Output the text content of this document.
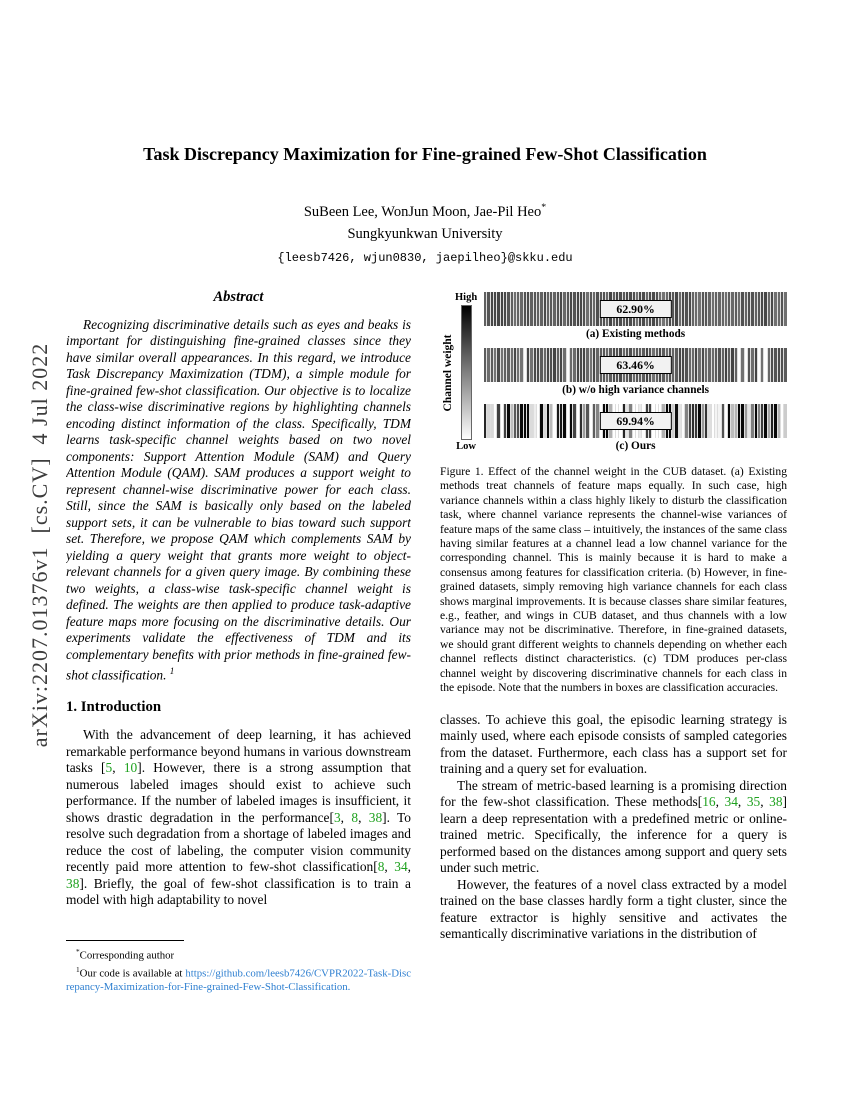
arXiv:2207.01376v1  [cs.CV]  4 Jul 2022
Task Discrepancy Maximization for Fine-grained Few-Shot Classification
SuBeen Lee, WonJun Moon, Jae-Pil Heo*
Sungkyunkwan University
{leesb7426, wjun0830, jaepilheo}@skku.edu
Abstract

Recognizing discriminative details such as eyes and beaks is important for distinguishing fine-grained classes since they have similar overall appearances. In this regard, we introduce Task Discrepancy Maximization (TDM), a simple module for fine-grained few-shot classification. Our objective is to localize the class-wise discriminative regions by highlighting channels encoding distinct information of the class. Specifically, TDM learns task-specific channel weights based on two novel components: Support Attention Module (SAM) and Query Attention Module (QAM). SAM produces a support weight to represent channel-wise discriminative power for each class. Still, since the SAM is basically only based on the labeled support sets, it can be vulnerable to bias toward such support set. Therefore, we propose QAM which complements SAM by yielding a query weight that grants more weight to object-relevant channels for a given query image. By combining these two weights, a class-wise task-specific channel weight is defined. The weights are then applied to produce task-adaptive feature maps more focusing on the discriminative details. Our experiments validate the effectiveness of TDM and its complementary benefits with prior methods in fine-grained few-shot classification. $^1$

1. Introduction

With the advancement of deep learning, it has achieved remarkable performance beyond humans in various downstream tasks [5, 10]. However, there is a strong assumption that numerous labeled images should exist to achieve such performance. If the number of labeled images is insufficient, it shows drastic degradation in the performance[3, 8, 38]. To resolve such degradation from a shortage of labeled images and reduce the cost of labeling, the computer vision community recently paid more attention to few-shot classification[8, 34, 38]. Briefly, the goal of few-shot classification is to train a model with high adaptability to novel

*Corresponding author

$^1$Our code is available at https://github.com/leesb7426/CVPR2022-Task-Discrepancy-Maximization-for-Fine-grained-Few-Shot-Classification.

Channel weight
High
Low
62.90%
(a) Existing methods
63.46%
(b) w/o high variance channels
69.94%
(c) Ours

Figure 1. Effect of the channel weight in the CUB dataset. (a) Existing methods treat channels of feature maps equally. In such case, high variance channels within a class highly likely to disturb the classification task, where channel variance represents the channel-wise variances of feature maps of the same class – intuitively, the instances of the same class having similar features at a channel lead a low channel variance for the corresponding channel. This is mainly because it is hard to make a consensus among features for classification criteria. (b) However, in fine-grained datasets, simply removing high variance channels for each class shows marginal improvements. It is because classes share similar features, e.g., feather, and wings in CUB dataset, and thus channels with a low variance may not be discriminative. Therefore, in fine-grained datasets, we should grant different weights to channels depending on whether each channel reflects distinct characteristics. (c) TDM produces per-class channel weight by discovering discriminative channels for each class in the episode. Note that the numbers in boxes are classification accuracies.

classes. To achieve this goal, the episodic learning strategy is mainly used, where each episode consists of sampled categories from the dataset. Furthermore, each class has a support set for training and a query set for evaluation.

The stream of metric-based learning is a promising direction for the few-shot classification. These methods[16, 34, 35, 38] learn a deep representation with a predefined metric or online-trained metric. Specifically, the inference for a query is performed based on the distances among support and query sets under such metric.

However, the features of a novel class extracted by a model trained on the base classes hardly form a tight cluster, since the feature extractor is highly sensitive and activates the semantically discriminative variations in the distribution of
